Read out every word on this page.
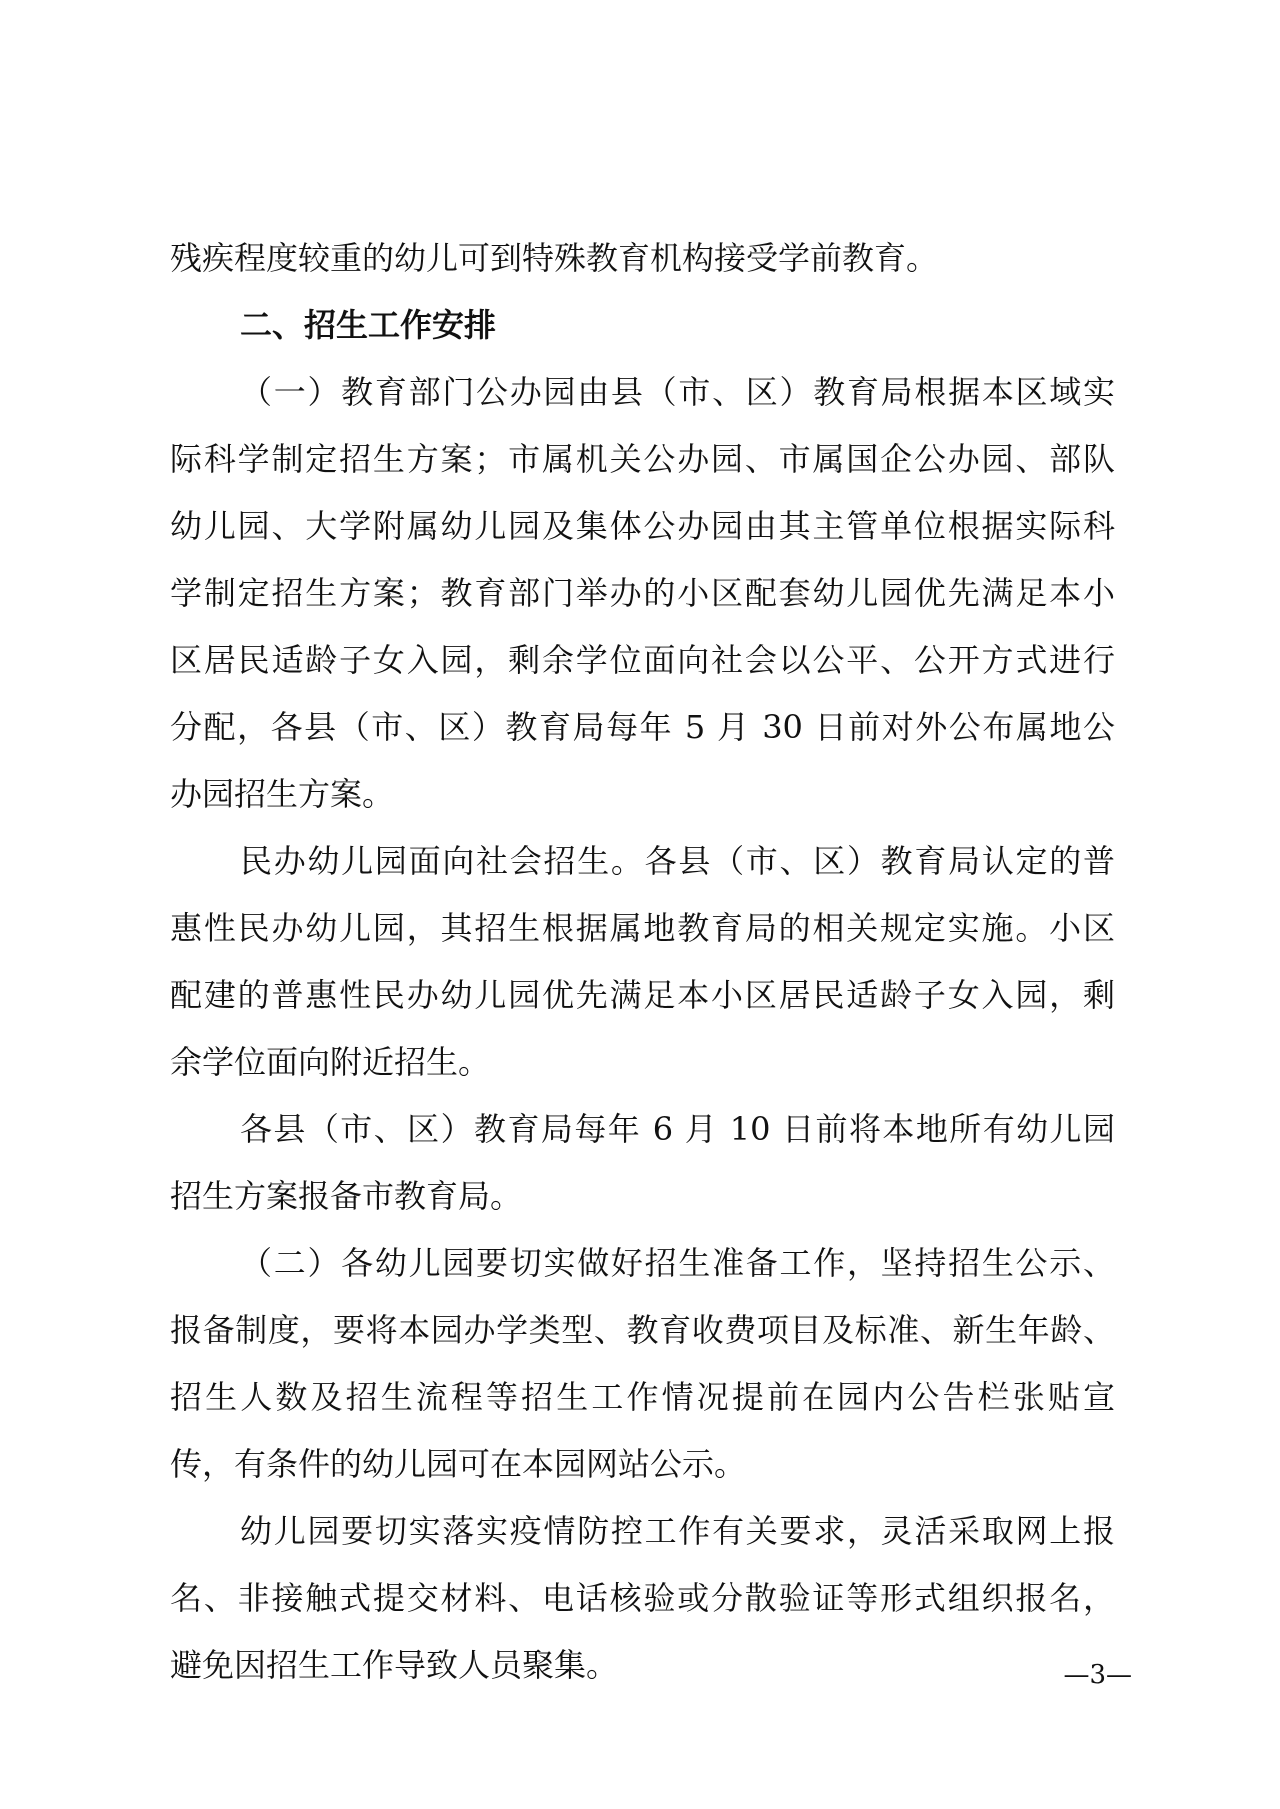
残疾程度较重的幼儿可到特殊教育机构接受学前教育。
二、招生工作安排
（一）教育部门公办园由县（市、区）教育局根据本区域实
际科学制定招生方案；市属机关公办园、市属国企公办园、部队
幼儿园、大学附属幼儿园及集体公办园由其主管单位根据实际科
学制定招生方案；教育部门举办的小区配套幼儿园优先满足本小
区居民适龄子女入园，剩余学位面向社会以公平、公开方式进行
分配，各县（市、区）教育局每年 5 月 30 日前对外公布属地公
办园招生方案。
民办幼儿园面向社会招生。各县（市、区）教育局认定的普
惠性民办幼儿园，其招生根据属地教育局的相关规定实施。小区
配建的普惠性民办幼儿园优先满足本小区居民适龄子女入园，剩
余学位面向附近招生。
各县（市、区）教育局每年 6 月 10 日前将本地所有幼儿园
招生方案报备市教育局。
（二）各幼儿园要切实做好招生准备工作，坚持招生公示、
报备制度，要将本园办学类型、教育收费项目及标准、新生年龄、
招生人数及招生流程等招生工作情况提前在园内公告栏张贴宣
传，有条件的幼儿园可在本园网站公示。
幼儿园要切实落实疫情防控工作有关要求，灵活采取网上报
名、非接触式提交材料、电话核验或分散验证等形式组织报名，
避免因招生工作导致人员聚集。	—3—
